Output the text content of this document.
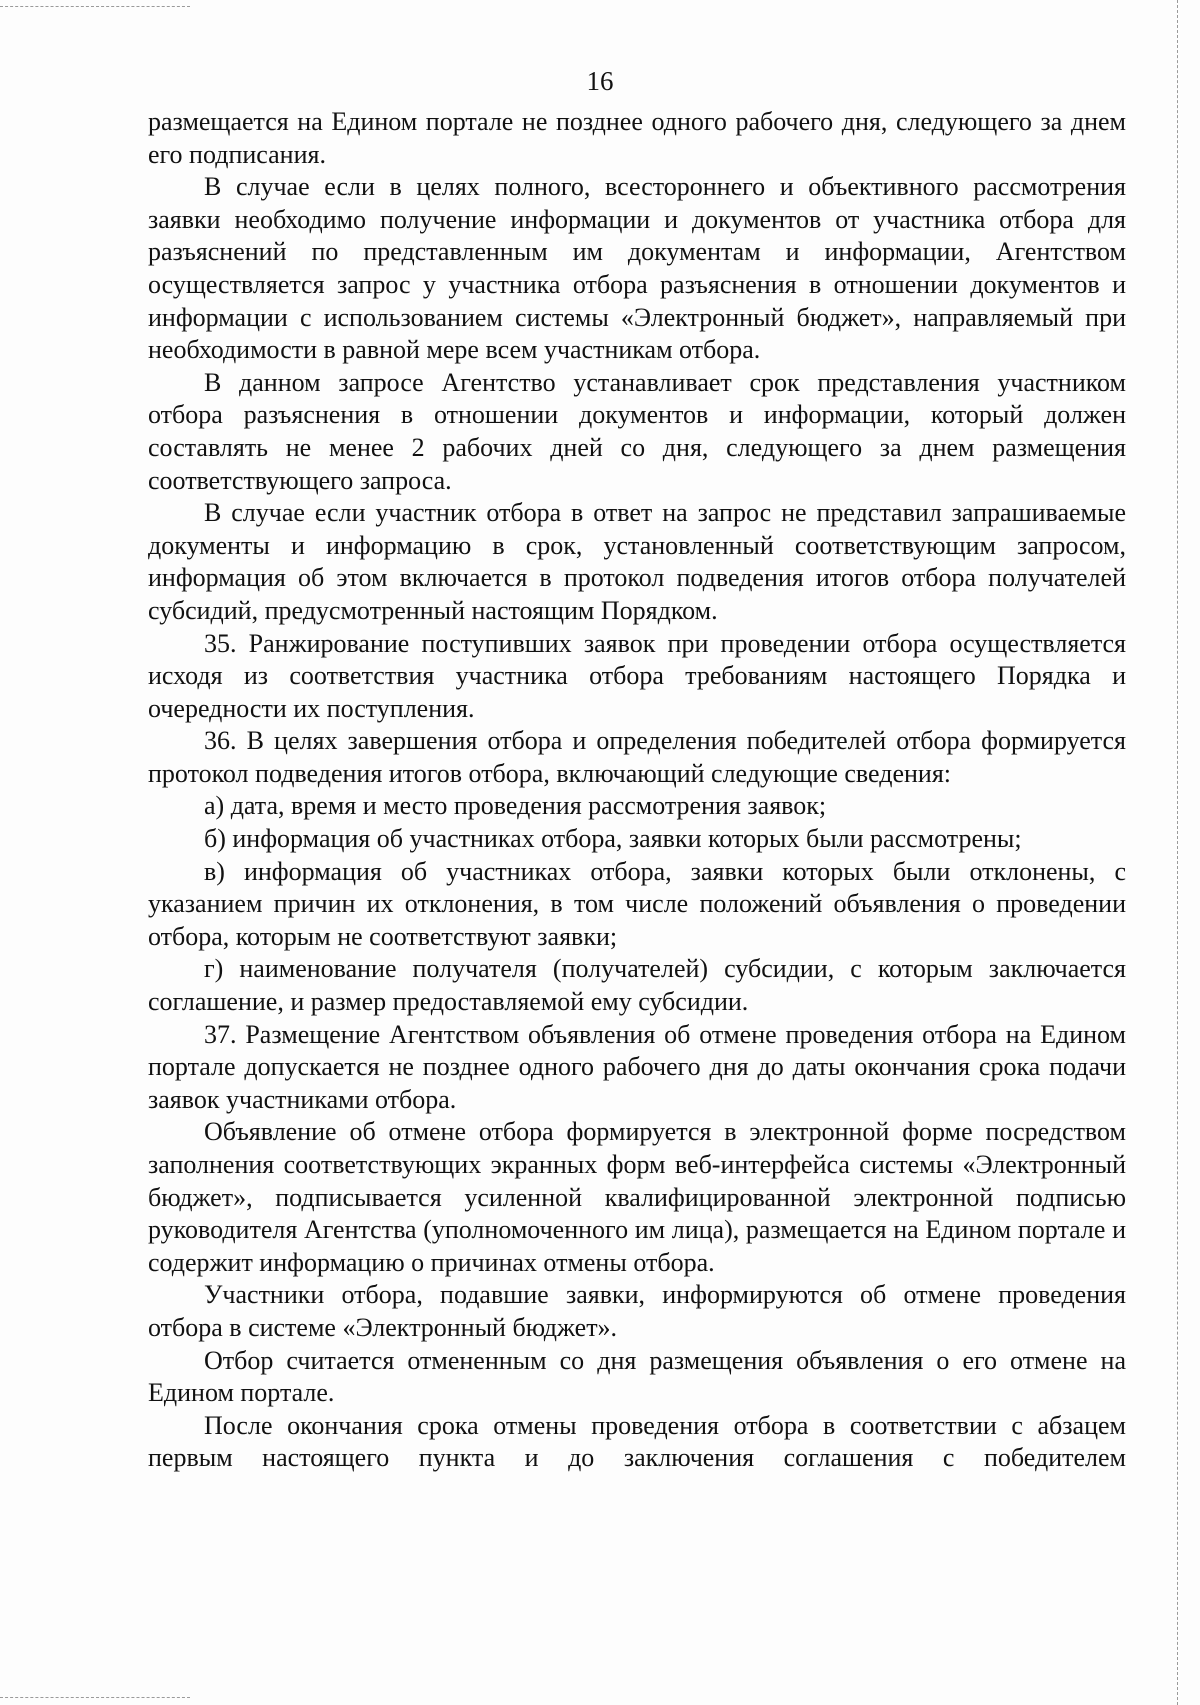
16

размещается на Едином портале не позднее одного рабочего дня, следующего за днем его подписания.

В случае если в целях полного, всестороннего и объективного рассмотрения заявки необходимо получение информации и документов от участника отбора для разъяснений по представленным им документам и информации, Агентством осуществляется запрос у участника отбора разъяснения в отношении документов и информации с использованием системы «Электронный бюджет», направляемый при необходимости в равной мере всем участникам отбора.

В данном запросе Агентство устанавливает срок представления участником отбора разъяснения в отношении документов и информации, который должен составлять не менее 2 рабочих дней со дня, следующего за днем размещения соответствующего запроса.

В случае если участник отбора в ответ на запрос не представил запрашиваемые документы и информацию в срок, установленный соответствующим запросом, информация об этом включается в протокол подведения итогов отбора получателей субсидий, предусмотренный настоящим Порядком.

35. Ранжирование поступивших заявок при проведении отбора осуществляется исходя из соответствия участника отбора требованиям настоящего Порядка и очередности их поступления.

36. В целях завершения отбора и определения победителей отбора формируется протокол подведения итогов отбора, включающий следующие сведения:

а) дата, время и место проведения рассмотрения заявок;

б) информация об участниках отбора, заявки которых были рассмотрены;

в) информация об участниках отбора, заявки которых были отклонены, с указанием причин их отклонения, в том числе положений объявления о проведении отбора, которым не соответствуют заявки;

г) наименование получателя (получателей) субсидии, с которым заключается соглашение, и размер предоставляемой ему субсидии.

37. Размещение Агентством объявления об отмене проведения отбора на Едином портале допускается не позднее одного рабочего дня до даты окончания срока подачи заявок участниками отбора.

Объявление об отмене отбора формируется в электронной форме посредством заполнения соответствующих экранных форм веб-интерфейса системы «Электронный бюджет», подписывается усиленной квалифицированной электронной подписью руководителя Агентства (уполномоченного им лица), размещается на Едином портале и содержит информацию о причинах отмены отбора.

Участники отбора, подавшие заявки, информируются об отмене проведения отбора в системе «Электронный бюджет».

Отбор считается отмененным со дня размещения объявления о его отмене на Едином портале.

После окончания срока отмены проведения отбора в соответствии с абзацем первым настоящего пункта и до заключения соглашения с победителем
